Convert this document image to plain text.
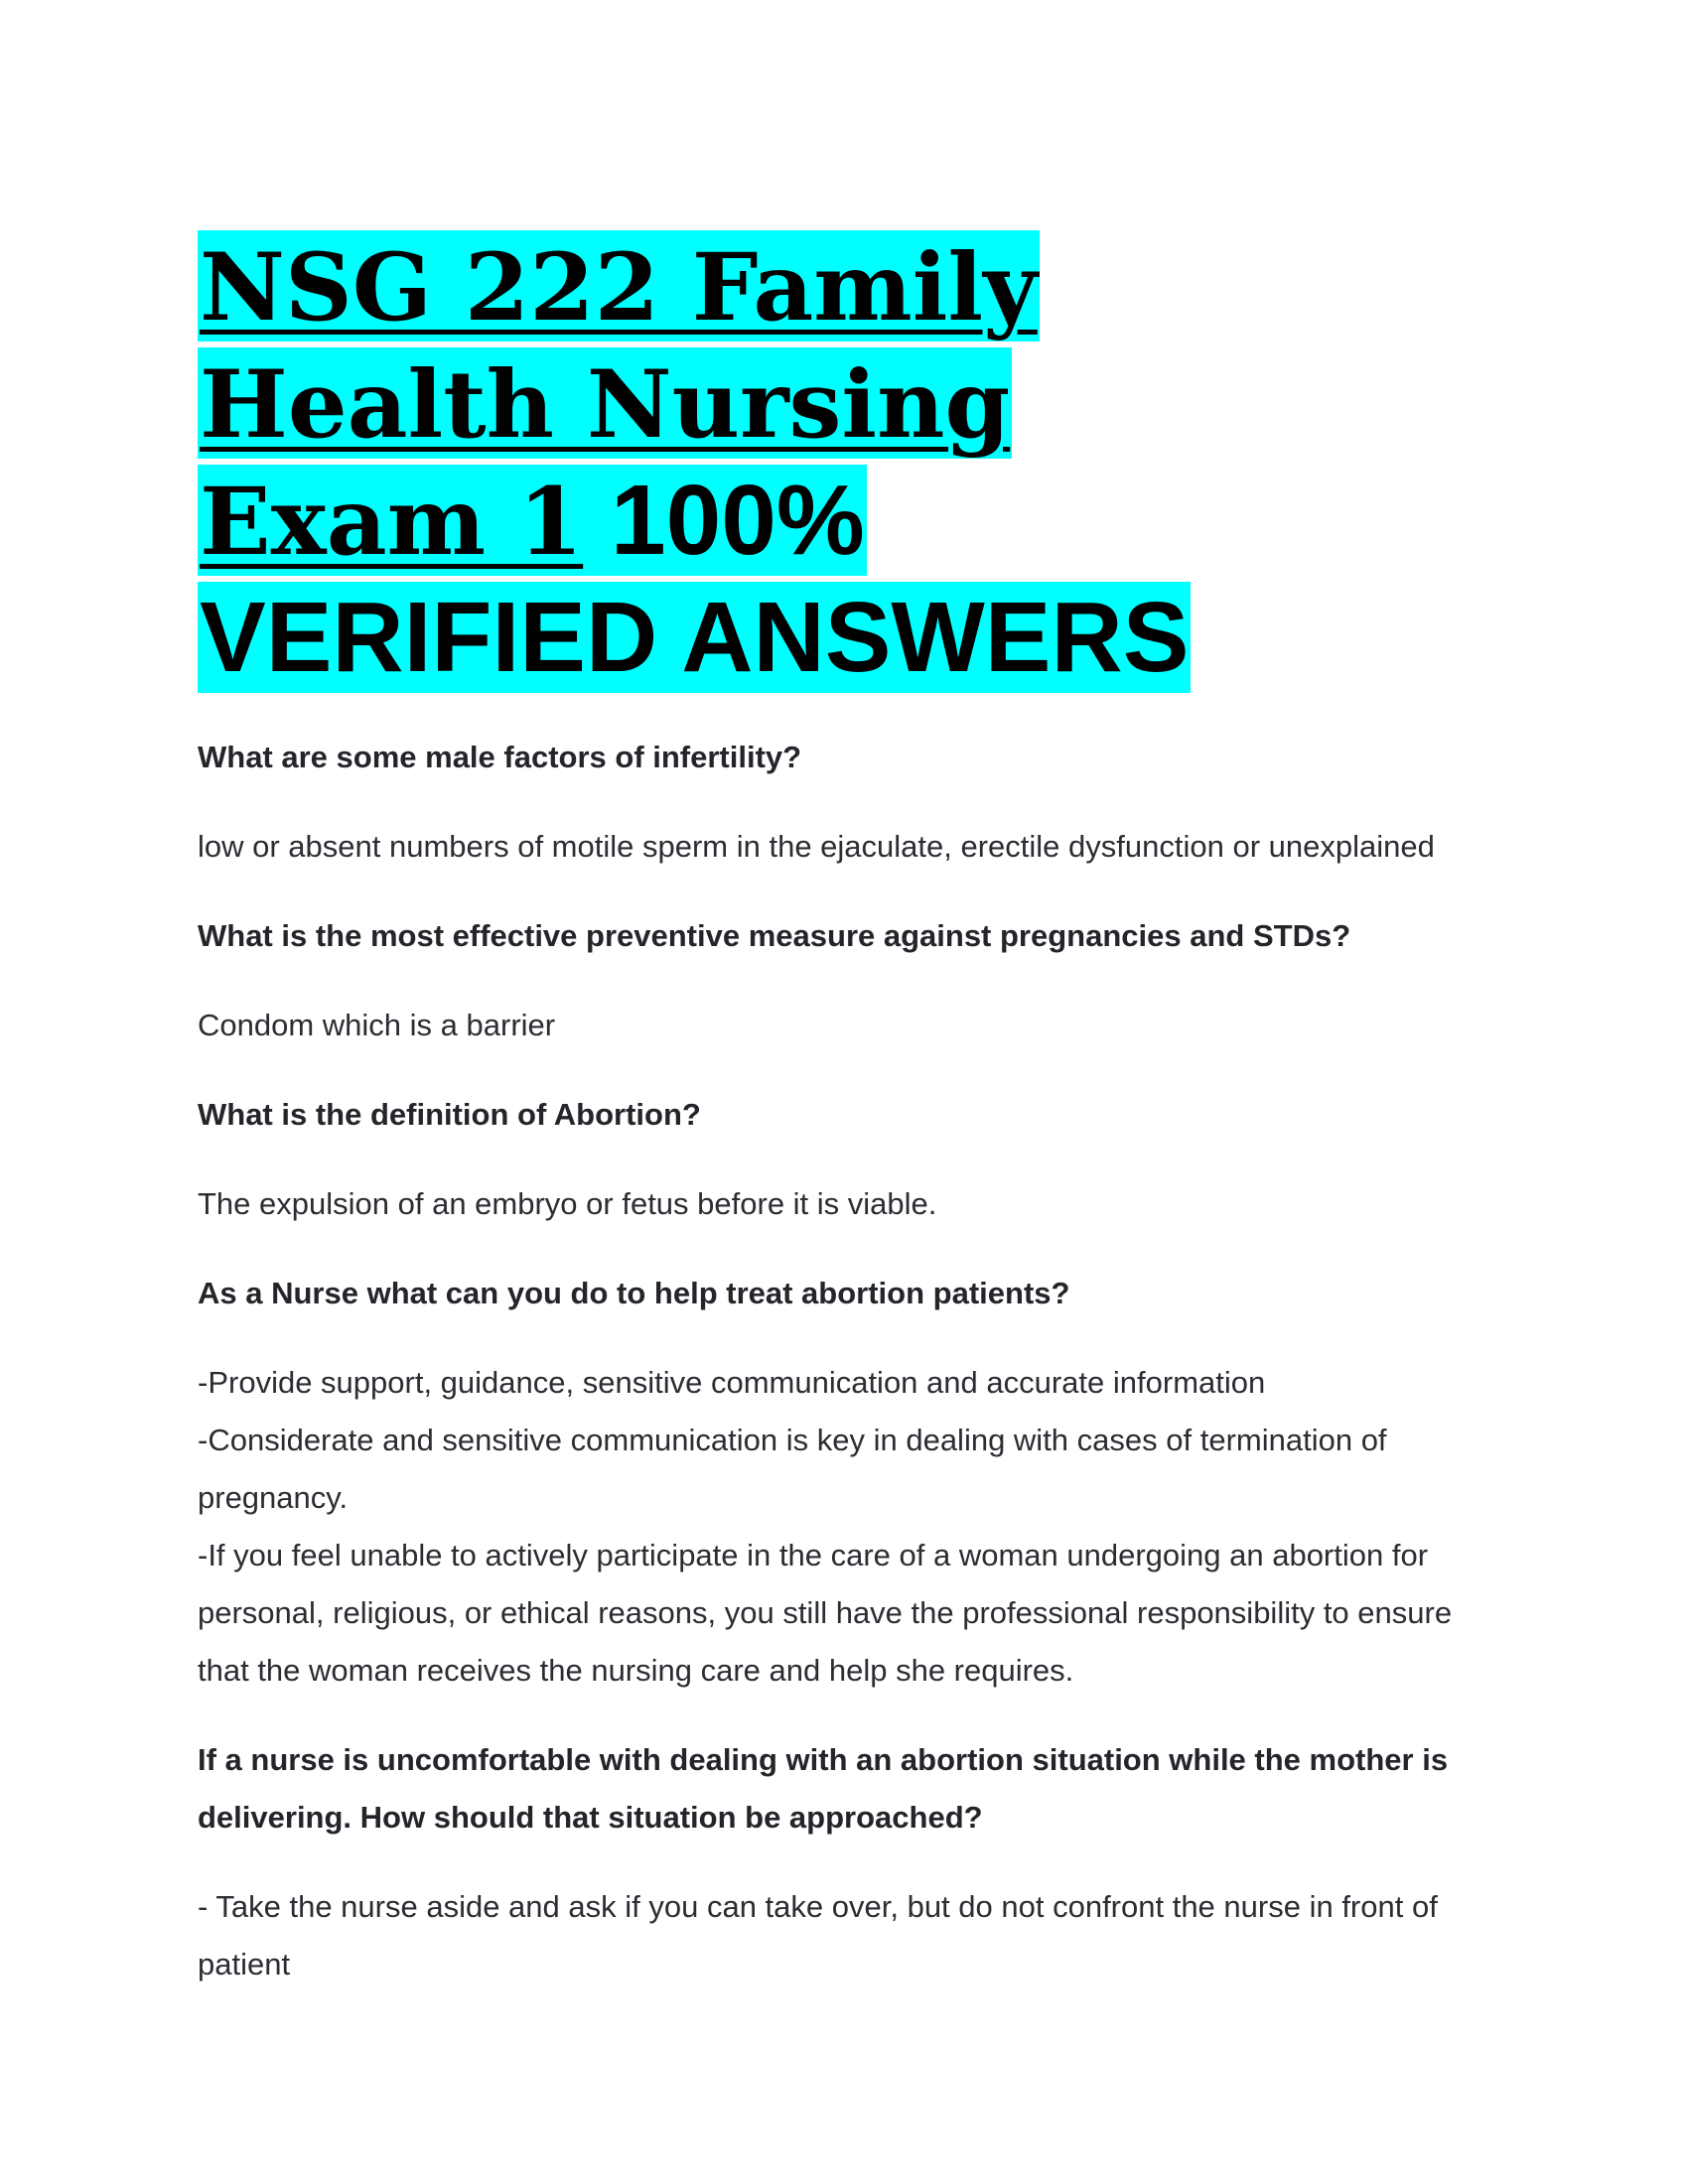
NSG 222 Family Health Nursing Exam 1 100% VERIFIED ANSWERS

What are some male factors of infertility?

low or absent numbers of motile sperm in the ejaculate, erectile dysfunction or unexplained

What is the most effective preventive measure against pregnancies and STDs?

Condom which is a barrier

What is the definition of Abortion?

The expulsion of an embryo or fetus before it is viable.

As a Nurse what can you do to help treat abortion patients?

-Provide support, guidance, sensitive communication and accurate information
-Considerate and sensitive communication is key in dealing with cases of termination of pregnancy.
-If you feel unable to actively participate in the care of a woman undergoing an abortion for personal, religious, or ethical reasons, you still have the professional responsibility to ensure that the woman receives the nursing care and help she requires.

If a nurse is uncomfortable with dealing with an abortion situation while the mother is delivering. How should that situation be approached?

- Take the nurse aside and ask if you can take over, but do not confront the nurse in front of patient
